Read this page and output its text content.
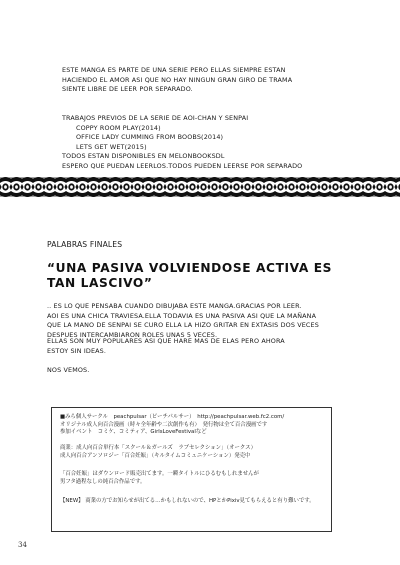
ESTE MANGA ES PARTE DE UNA SERIE PERO ELLAS SIEMPRE ESTAN
HACIENDO EL AMOR ASI QUE NO HAY NINGUN GRAN GIRO DE TRAMA
SIENTE LIBRE DE LEER POR SEPARADO.
TRABAJOS PREVIOS DE LA SERIE DE AOI-CHAN Y SENPAI
COPPY ROOM PLAY(2014)
OFFICE LADY CUMMING FROM BOOBS(2014)
LETS GET WET(2015)
TODOS ESTAN DISPONIBLES EN MELONBOOKSDL
ESPERO QUE PUEDAN LEERLOS.TODOS PUEDEN LEERSE POR SEPARADO
PALABRAS FINALES
“UNA PASIVA VOLVIENDOSE ACTIVA ES
TAN LASCIVO”
.. ES LO QUE PENSABA CUANDO DIBUJABA ESTE MANGA.GRACIAS POR LEER.
AOI ES UNA CHICA TRAVIESA.ELLA TODAVIA ES UNA PASIVA ASI QUE LA MAÑANA
QUE LA MANO DE SENPAI SE CURO ELLA LA HIZO GRITAR EN EXTASIS DOS VECES
DESPUES INTERCAMBIARON ROLES UNAS 5 VECES.
ELLAS SON MUY POPULARES ASI QUE HARE MAS DE ELAS PERO AHORA
ESTOY SIN IDEAS.
NOS VEMOS.
■みら個人サークル　peachpulsar（ピーチパルサー）　http://peachpulsar.web.fc2.com/
オリジナル成人向百合漫画（時々全年齢や二次創作も有）　発行物は全て百合漫画です
参加イベント　コミケ、コミティア、GirlsLoveFestivalなど
商業：成人向百合単行本「スクール＆ガールズ　ラブセレクション」（オークス）
成人向百合アンソロジー「百合妊娠」（キルタイムコミュニケーション）発売中
「百合妊娠」はダウンロード販売出てます。一瞬タイトルにひるむもしれませんが
男フタ過程なしの純百合作品です。
【NEW】 商業の方でお知らせが出てる…かもしれないので、HPとかPixiv見てもらえると有り難いです。
34
